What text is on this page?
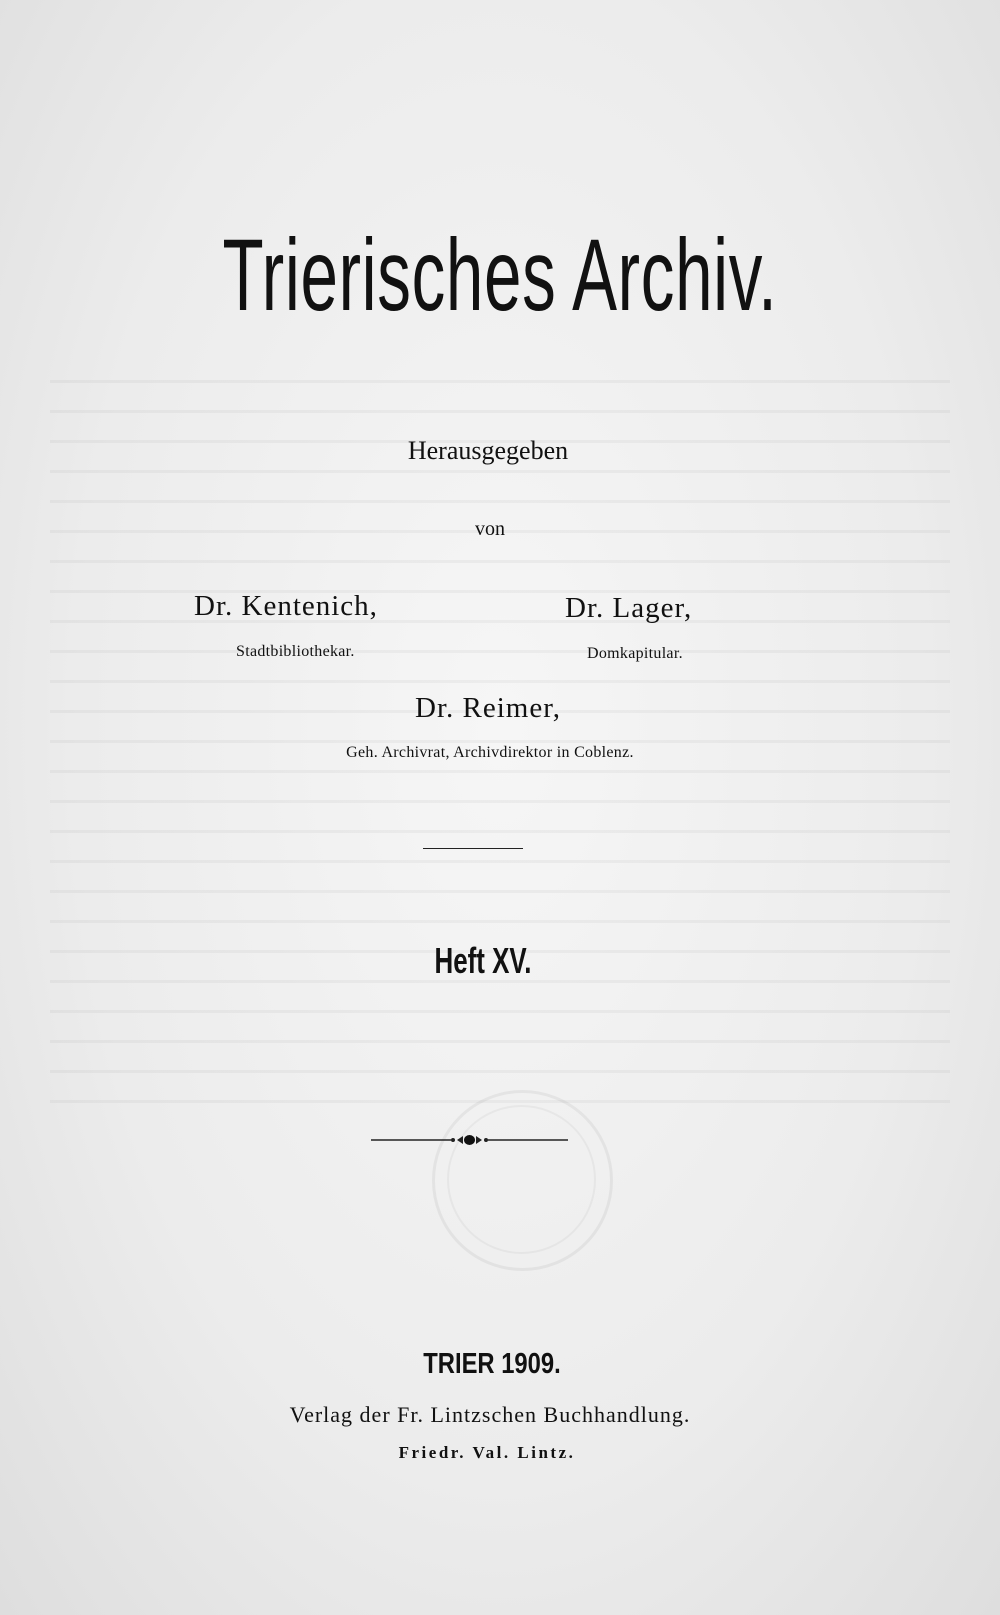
Trierisches Archiv.
Herausgegeben
von
Dr. Kentenich,
Stadtbibliothekar.
Dr. Lager,
Domkapitular.
Dr. Reimer,
Geh. Archivrat, Archivdirektor in Coblenz.
Heft XV.
TRIER 1909.
Verlag der Fr. Lintzschen Buchhandlung.
Friedr. Val. Lintz.
